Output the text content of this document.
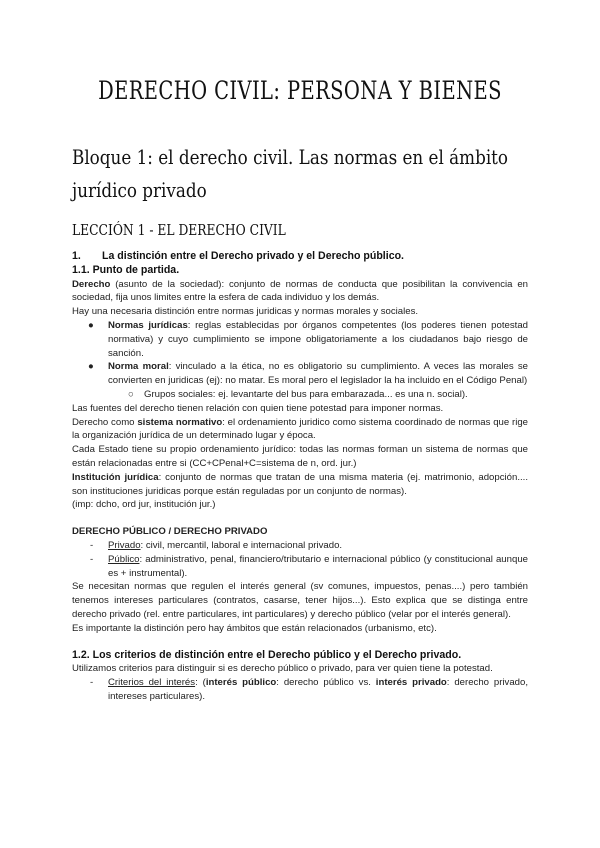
DERECHO CIVIL: PERSONA Y BIENES
Bloque 1: el derecho civil. Las normas en el ámbito jurídico privado
LECCIÓN 1 - EL DERECHO CIVIL

1. La distinción entre el Derecho privado y el Derecho público.

1.1. Punto de partida.

Derecho (asunto de la sociedad): conjunto de normas de conducta que posibilitan la convivencia en sociedad, fija unos limites entre la esfera de cada individuo y los demás.

Hay una necesaria distinción entre normas juridicas y normas morales y sociales.

● Normas jurídicas: reglas establecidas por órganos competentes (los poderes tienen potestad normativa) y cuyo cumplimiento se impone obligatoriamente a los ciudadanos bajo riesgo de sanción.

● Norma moral: vinculado a la ética, no es obligatorio su cumplimiento. A veces las morales se convierten en juridicas (ej): no matar. Es moral pero el legislador la ha incluido en el Código Penal)

○ Grupos sociales: ej. levantarte del bus para embarazada... es una n. social).

Las fuentes del derecho tienen relación con quien tiene potestad para imponer normas.

Derecho como sistema normativo: el ordenamiento juridico como sistema coordinado de normas que rige la organización jurídica de un determinado lugar y época.

Cada Estado tiene su propio ordenamiento jurídico: todas las normas forman un sistema de normas que están relacionadas entre si (CC+CPenal+C=sistema de n, ord. jur.)

Institución jurídica: conjunto de normas que tratan de una misma materia (ej. matrimonio, adopción.... son instituciones juridicas porque están reguladas por un conjunto de normas).

(imp: dcho, ord jur, institución jur.)

DERECHO PÚBLICO / DERECHO PRIVADO

- Privado: civil, mercantil, laboral e internacional privado.

- Público: administrativo, penal, financiero/tributario e internacional público (y constitucional aunque es + instrumental).

Se necesitan normas que regulen el interés general (sv comunes, impuestos, penas....) pero también tenemos intereses particulares (contratos, casarse, tener hijos...). Esto explica que se distinga entre derecho privado (rel. entre particulares, int particulares) y derecho público (velar por el interés general).

Es importante la distinción pero hay ámbitos que están relacionados (urbanismo, etc).

1.2. Los criterios de distinción entre el Derecho público y el Derecho privado.

Utilizamos criterios para distinguir si es derecho público o privado, para ver quien tiene la potestad.

- Criterios del interés: (interés público: derecho público vs. interés privado: derecho privado, intereses particulares).
